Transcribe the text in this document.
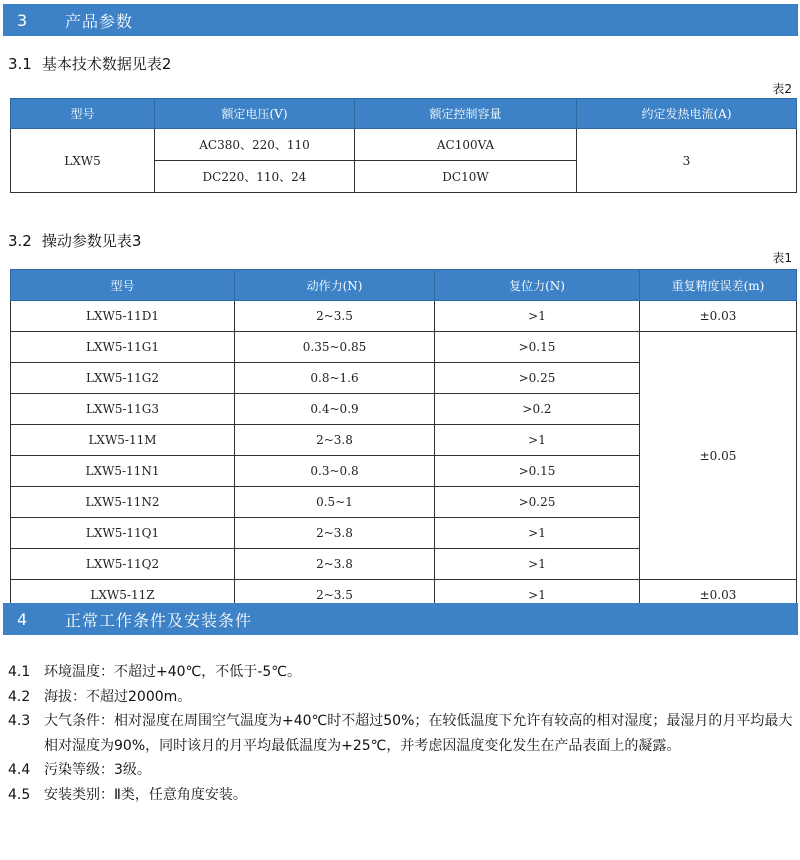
3	产品参数
3.1 基本技术数据见表2
表2
型号	额定电压(V)	额定控制容量	约定发热电流(A)
LXW5	AC380、220、110	AC100VA	3
	DC220、110、24	DC10W	
3.2 操动参数见表3
表1
型号	动作力(N)	复位力(N)	重复精度误差(m)
LXW5-11D1	2~3.5	>1	±0.03
LXW5-11G1	0.35~0.85	>0.15	±0.05
LXW5-11G2	0.8~1.6	>0.25	
LXW5-11G3	0.4~0.9	>0.2	
LXW5-11M	2~3.8	>1	
LXW5-11N1	0.3~0.8	>0.15	
LXW5-11N2	0.5~1	>0.25	
LXW5-11Q1	2~3.8	>1	
LXW5-11Q2	2~3.8	>1	
LXW5-11Z	2~3.5	>1	±0.03
4	正常工作条件及安装条件
4.1 环境温度：不超过+40℃，不低于-5℃。
4.2 海拔：不超过2000m。
4.3 大气条件：相对湿度在周围空气温度为+40℃时不超过50%；在较低温度下允许有较高的相对湿度；最湿月的月平均最大相对湿度为90%，同时该月的月平均最低温度为+25℃，并考虑因温度变化发生在产品表面上的凝露。
4.4 污染等级：3级。
4.5 安装类别：Ⅱ类，任意角度安装。
